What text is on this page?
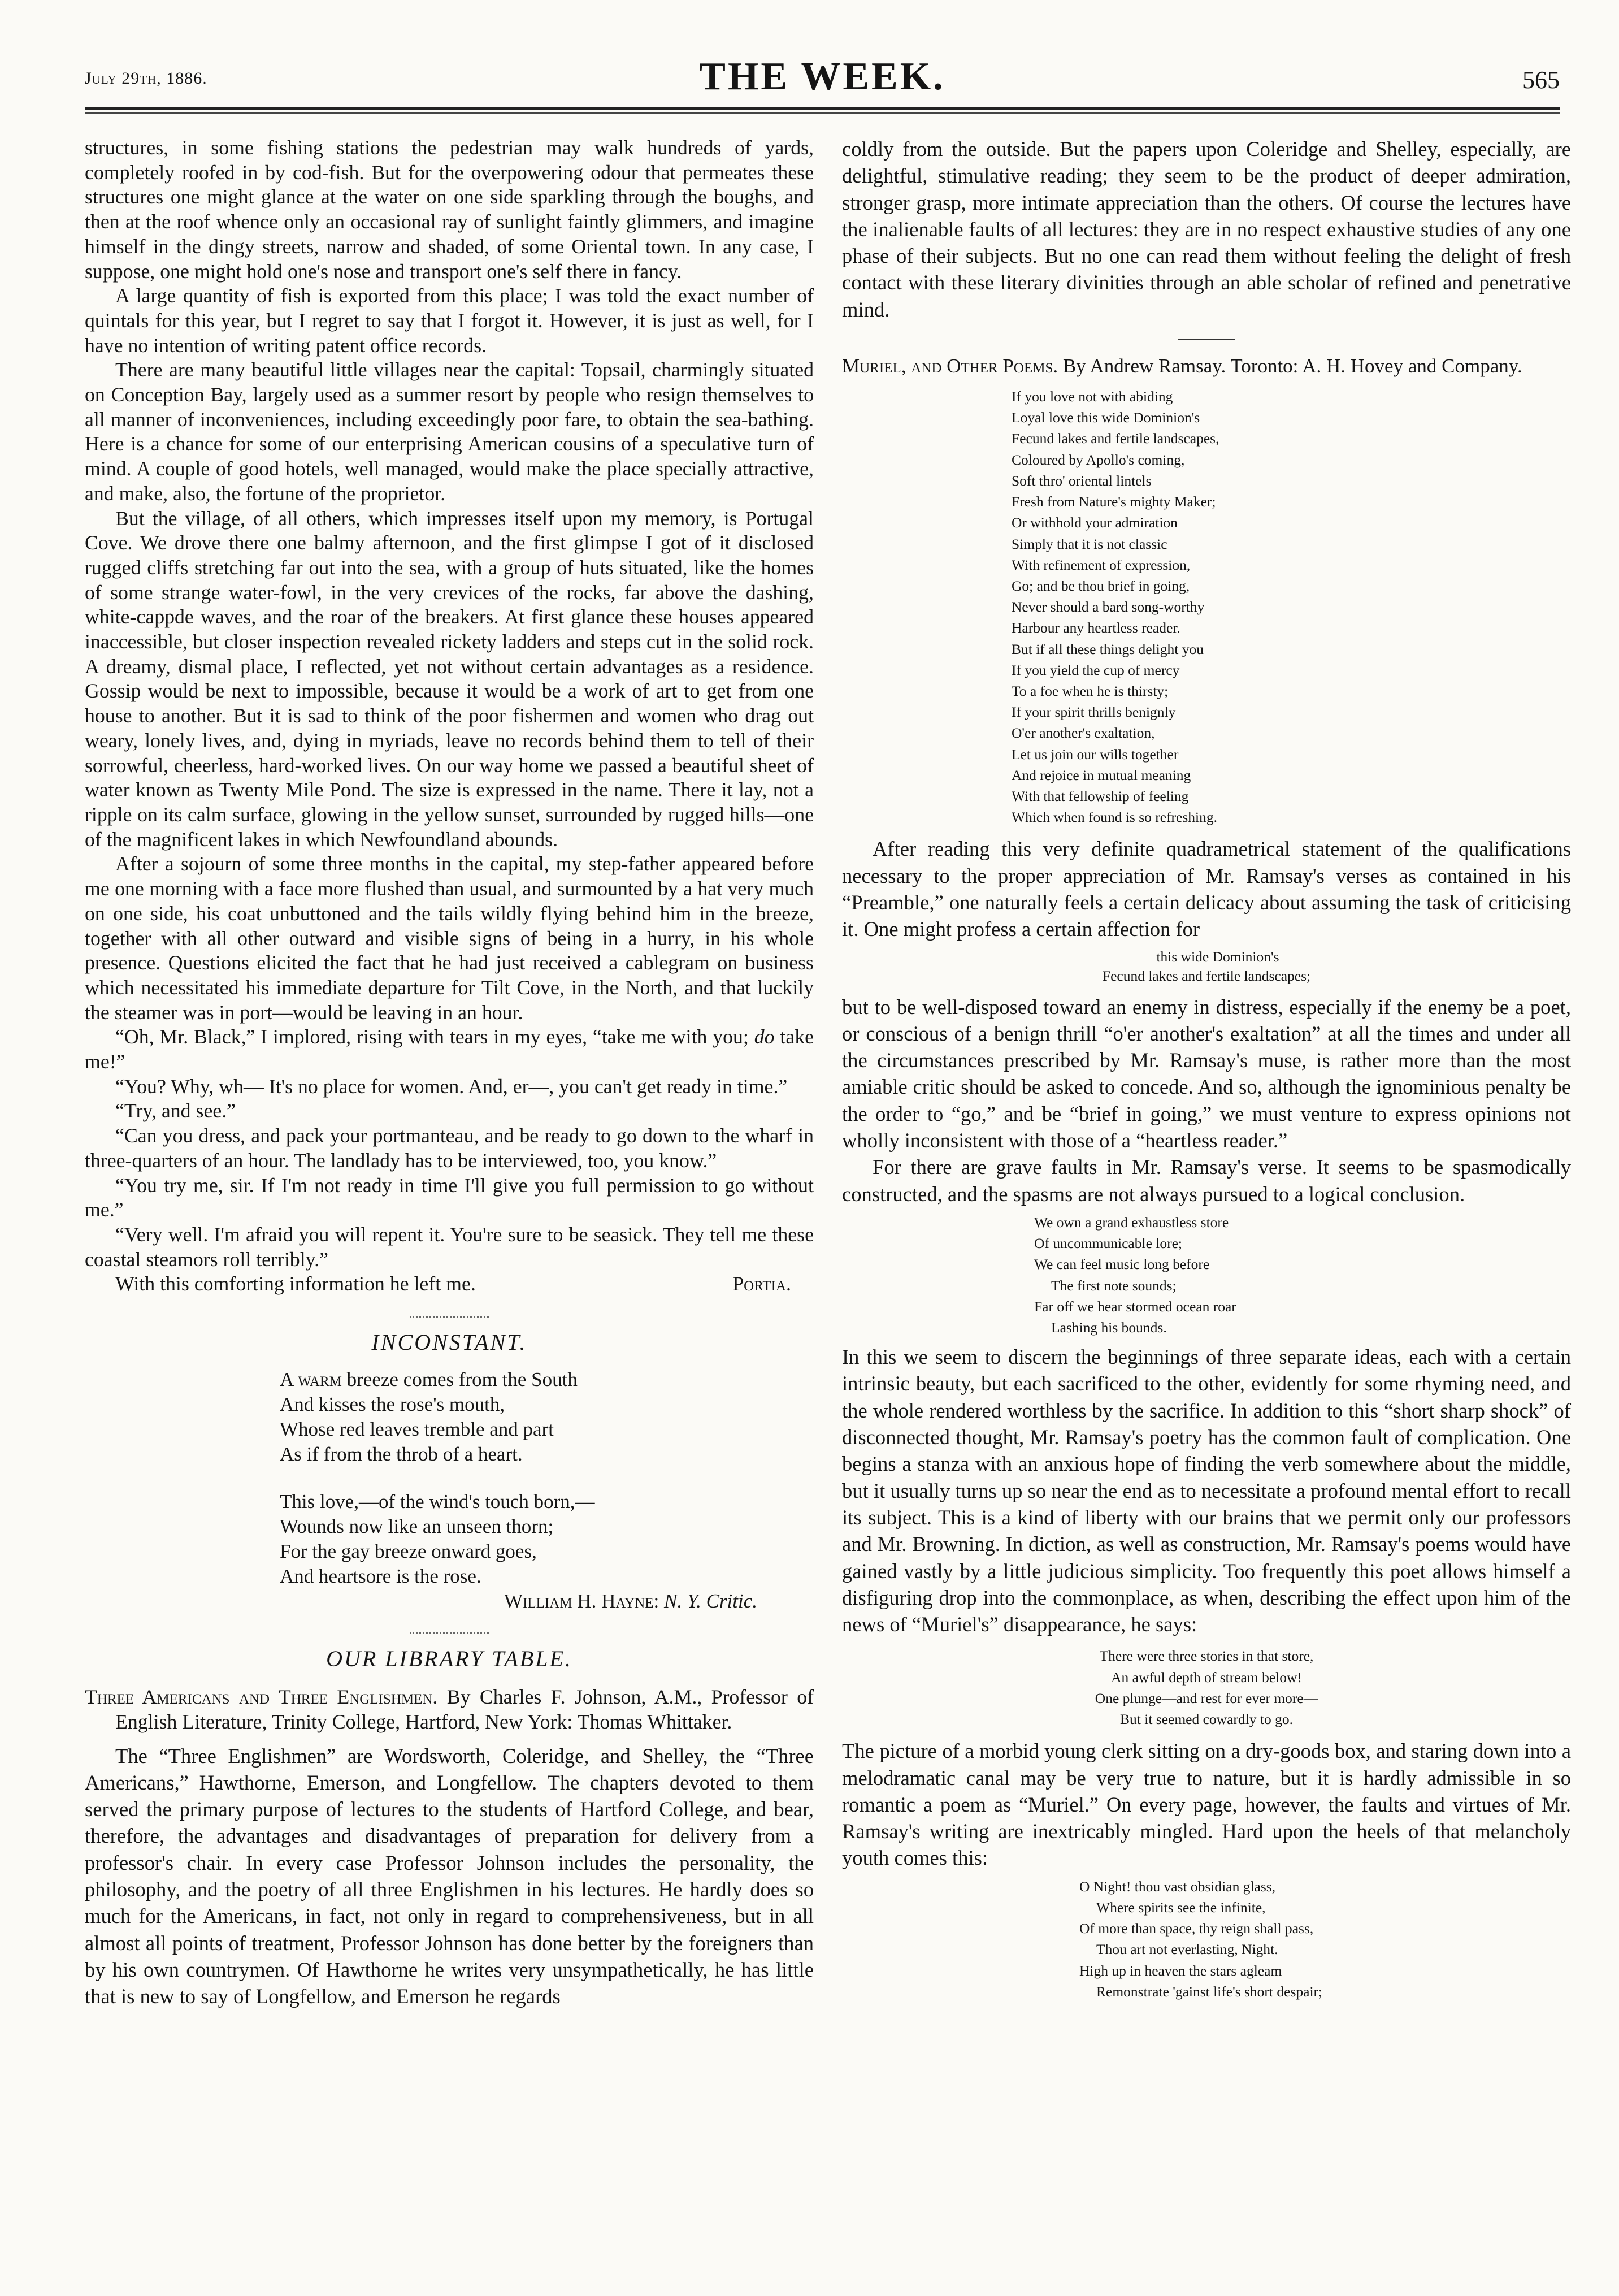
July 29th, 1886.	THE WEEK.	565

structures, in some fishing stations the pedestrian may walk hundreds of yards, completely roofed in by cod-fish. But for the overpowering odour that permeates these structures one might glance at the water on one side sparkling through the boughs, and then at the roof whence only an occasional ray of sunlight faintly glimmers, and imagine himself in the dingy streets, narrow and shaded, of some Oriental town. In any case, I suppose, one might hold one's nose and transport one's self there in fancy.

A large quantity of fish is exported from this place; I was told the exact number of quintals for this year, but I regret to say that I forgot it. However, it is just as well, for I have no intention of writing patent office records.

There are many beautiful little villages near the capital: Topsail, charmingly situated on Conception Bay, largely used as a summer resort by people who resign themselves to all manner of inconveniences, including exceedingly poor fare, to obtain the sea-bathing. Here is a chance for some of our enterprising American cousins of a speculative turn of mind. A couple of good hotels, well managed, would make the place specially attractive, and make, also, the fortune of the proprietor.

But the village, of all others, which impresses itself upon my memory, is Portugal Cove. We drove there one balmy afternoon, and the first glimpse I got of it disclosed rugged cliffs stretching far out into the sea, with a group of huts situated, like the homes of some strange water-fowl, in the very crevices of the rocks, far above the dashing, white-cappde waves, and the roar of the breakers. At first glance these houses appeared inaccessible, but closer inspection revealed rickety ladders and steps cut in the solid rock. A dreamy, dismal place, I reflected, yet not without certain advantages as a residence. Gossip would be next to impossible, because it would be a work of art to get from one house to another. But it is sad to think of the poor fishermen and women who drag out weary, lonely lives, and, dying in myriads, leave no records behind them to tell of their sorrowful, cheerless, hard-worked lives. On our way home we passed a beautiful sheet of water known as Twenty Mile Pond. The size is expressed in the name. There it lay, not a ripple on its calm surface, glowing in the yellow sunset, surrounded by rugged hills—one of the magnificent lakes in which Newfoundland abounds.

After a sojourn of some three months in the capital, my step-father appeared before me one morning with a face more flushed than usual, and surmounted by a hat very much on one side, his coat unbuttoned and the tails wildly flying behind him in the breeze, together with all other outward and visible signs of being in a hurry, in his whole presence. Questions elicited the fact that he had just received a cablegram on business which necessitated his immediate departure for Tilt Cove, in the North, and that luckily the steamer was in port—would be leaving in an hour.

“Oh, Mr. Black,” I implored, rising with tears in my eyes, “take me with you; do take me!”

“You? Why, wh— It's no place for women. And, er—, you can't get ready in time.”

“Try, and see.”

“Can you dress, and pack your portmanteau, and be ready to go down to the wharf in three-quarters of an hour. The landlady has to be interviewed, too, you know.”

“You try me, sir. If I'm not ready in time I'll give you full permission to go without me.”

“Very well. I'm afraid you will repent it. You're sure to be seasick. They tell me these coastal steamors roll terribly.”

With this comforting information he left me.	Portia.

INCONSTANT.
A warm breeze comes from the South
And kisses the rose's mouth,
Whose red leaves tremble and part
As if from the throb of a heart.
This love,—of the wind's touch born,—
Wounds now like an unseen thorn;
For the gay breeze onward goes,
And heartsore is the rose.
William H. Hayne: N. Y. Critic.
OUR LIBRARY TABLE.

Three Americans and Three Englishmen. By Charles F. Johnson, A.M., Professor of English Literature, Trinity College, Hartford, New York: Thomas Whittaker.

The “Three Englishmen” are Wordsworth, Coleridge, and Shelley, the “Three Americans,” Hawthorne, Emerson, and Longfellow. The chapters devoted to them served the primary purpose of lectures to the students of Hartford College, and bear, therefore, the advantages and disadvantages of preparation for delivery from a professor's chair. In every case Professor Johnson includes the personality, the philosophy, and the poetry of all three Englishmen in his lectures. He hardly does so much for the Americans, in fact, not only in regard to comprehensiveness, but in all almost all points of treatment, Professor Johnson has done better by the foreigners than by his own countrymen. Of Hawthorne he writes very unsympathetically, he has little that is new to say of Longfellow, and Emerson he regards

coldly from the outside. But the papers upon Coleridge and Shelley, especially, are delightful, stimulative reading; they seem to be the product of deeper admiration, stronger grasp, more intimate appreciation than the others. Of course the lectures have the inalienable faults of all lectures: they are in no respect exhaustive studies of any one phase of their subjects. But no one can read them without feeling the delight of fresh contact with these literary divinities through an able scholar of refined and penetrative mind.

Muriel, and Other Poems. By Andrew Ramsay. Toronto: A. H. Hovey and Company.

If you love not with abiding
Loyal love this wide Dominion's
Fecund lakes and fertile landscapes,
Coloured by Apollo's coming,
Soft thro' oriental lintels
Fresh from Nature's mighty Maker;
Or withhold your admiration
Simply that it is not classic
With refinement of expression,
Go; and be thou brief in going,
Never should a bard song-worthy
Harbour any heartless reader.
But if all these things delight you
If you yield the cup of mercy
To a foe when he is thirsty;
If your spirit thrills benignly
O'er another's exaltation,
Let us join our wills together
And rejoice in mutual meaning
With that fellowship of feeling
Which when found is so refreshing.

After reading this very definite quadrametrical statement of the qualifications necessary to the proper appreciation of Mr. Ramsay's verses as contained in his “Preamble,” one naturally feels a certain delicacy about assuming the task of criticising it. One might profess a certain affection for

this wide Dominion's
Fecund lakes and fertile landscapes;

but to be well-disposed toward an enemy in distress, especially if the enemy be a poet, or conscious of a benign thrill “o'er another's exaltation” at all the times and under all the circumstances prescribed by Mr. Ramsay's muse, is rather more than the most amiable critic should be asked to concede. And so, although the ignominious penalty be the order to “go,” and be “brief in going,” we must venture to express opinions not wholly inconsistent with those of a “heartless reader.”

For there are grave faults in Mr. Ramsay's verse. It seems to be spasmodically constructed, and the spasms are not always pursued to a logical conclusion.

We own a grand exhaustless store
Of uncommunicable lore;
We can feel music long before
The first note sounds;
Far off we hear stormed ocean roar
Lashing his bounds.

In this we seem to discern the beginnings of three separate ideas, each with a certain intrinsic beauty, but each sacrificed to the other, evidently for some rhyming need, and the whole rendered worthless by the sacrifice. In addition to this “short sharp shock” of disconnected thought, Mr. Ramsay's poetry has the common fault of complication. One begins a stanza with an anxious hope of finding the verb somewhere about the middle, but it usually turns up so near the end as to necessitate a profound mental effort to recall its subject. This is a kind of liberty with our brains that we permit only our professors and Mr. Browning. In diction, as well as construction, Mr. Ramsay's poems would have gained vastly by a little judicious simplicity. Too frequently this poet allows himself a disfiguring drop into the commonplace, as when, describing the effect upon him of the news of “Muriel's” disappearance, he says:

There were three stories in that store,
An awful depth of stream below!
One plunge—and rest for ever more—
But it seemed cowardly to go.

The picture of a morbid young clerk sitting on a dry-goods box, and staring down into a melodramatic canal may be very true to nature, but it is hardly admissible in so romantic a poem as “Muriel.” On every page, however, the faults and virtues of Mr. Ramsay's writing are inextricably mingled. Hard upon the heels of that melancholy youth comes this:

O Night! thou vast obsidian glass,
Where spirits see the infinite,
Of more than space, thy reign shall pass,
Thou art not everlasting, Night.
High up in heaven the stars agleam
Remonstrate 'gainst life's short despair;
